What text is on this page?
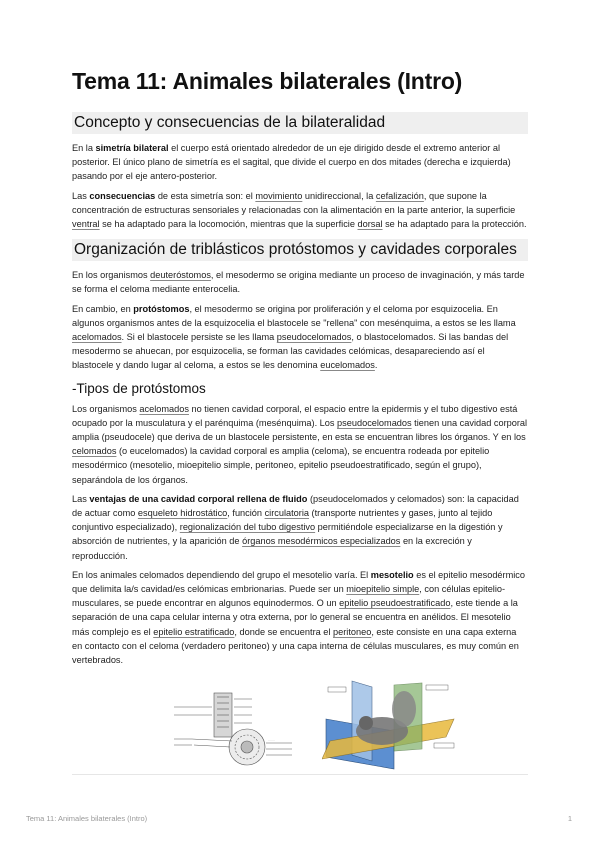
Tema 11: Animales bilaterales (Intro)
Concepto y consecuencias de la bilateralidad

En la simetría bilateral el cuerpo está orientado alrededor de un eje dirigido desde el extremo anterior al posterior. El único plano de simetría es el sagital, que divide el cuerpo en dos mitades (derecha e izquierda) pasando por el eje antero-posterior.

Las consecuencias de esta simetría son: el movimiento unidireccional, la cefalización, que supone la concentración de estructuras sensoriales y relacionadas con la alimentación en la parte anterior, la superficie ventral se ha adaptado para la locomoción, mientras que la superficie dorsal se ha adaptado para la protección.

Organización de triblásticos protóstomos y cavidades corporales

En los organismos deuteróstomos, el mesodermo se origina mediante un proceso de invaginación, y más tarde se forma el celoma mediante enterocelia.

En cambio, en protóstomos, el mesodermo se origina por proliferación y el celoma por esquizocelia. En algunos organismos antes de la esquizocelia el blastocele se "rellena" con mesénquima, a estos se les llama acelomados. Si el blastocele persiste se les llama pseudocelomados, o blastocelomados. Si las bandas del mesodermo se ahuecan, por esquizocelia, se forman las cavidades celómicas, desapareciendo así el blastocele y dando lugar al celoma, a estos se les denomina eucelomados.

-Tipos de protóstomos

Los organismos acelomados no tienen cavidad corporal, el espacio entre la epidermis y el tubo digestivo está ocupado por la musculatura y el parénquima (mesénquima). Los pseudocelomados tienen una cavidad corporal amplia (pseudocele) que deriva de un blastocele persistente, en esta se encuentran libres los órganos. Y en los celomados (o eucelomados) la cavidad corporal es amplia (celoma), se encuentra rodeada por epitelio mesodérmico (mesotelio, mioepitelio simple, peritoneo, epitelio pseudoestratificado, según el grupo), separándola de los órganos.

Las ventajas de una cavidad corporal rellena de fluido (pseudocelomados y celomados) son: la capacidad de actuar como esqueleto hidrostático, función circulatoria (transporte nutrientes y gases, junto al tejido conjuntivo especializado), regionalización del tubo digestivo permitiéndole especializarse en la digestión y absorción de nutrientes, y la aparición de órganos mesodérmicos especializados en la excreción y reproducción.

En los animales celomados dependiendo del grupo el mesotelio varía. El mesotelio es el epitelio mesodérmico que delimita la/s cavidad/es celómicas embrionarias. Puede ser un mioepitelio simple, con células epitelio-musculares, se puede encontrar en algunos equinodermos. O un epitelio pseudoestratificado, este tiende a la separación de una capa celular interna y otra externa, por lo general se encuentra en anélidos. El mesotelio más complejo es el epitelio estratificado, donde se encuentra el peritoneo, este consiste en una capa externa en contacto con el celoma (verdadero peritoneo) y una capa interna de células musculares, es muy común en vertebrados.

·······
Tema 11: Animales bilaterales (Intro)	1
